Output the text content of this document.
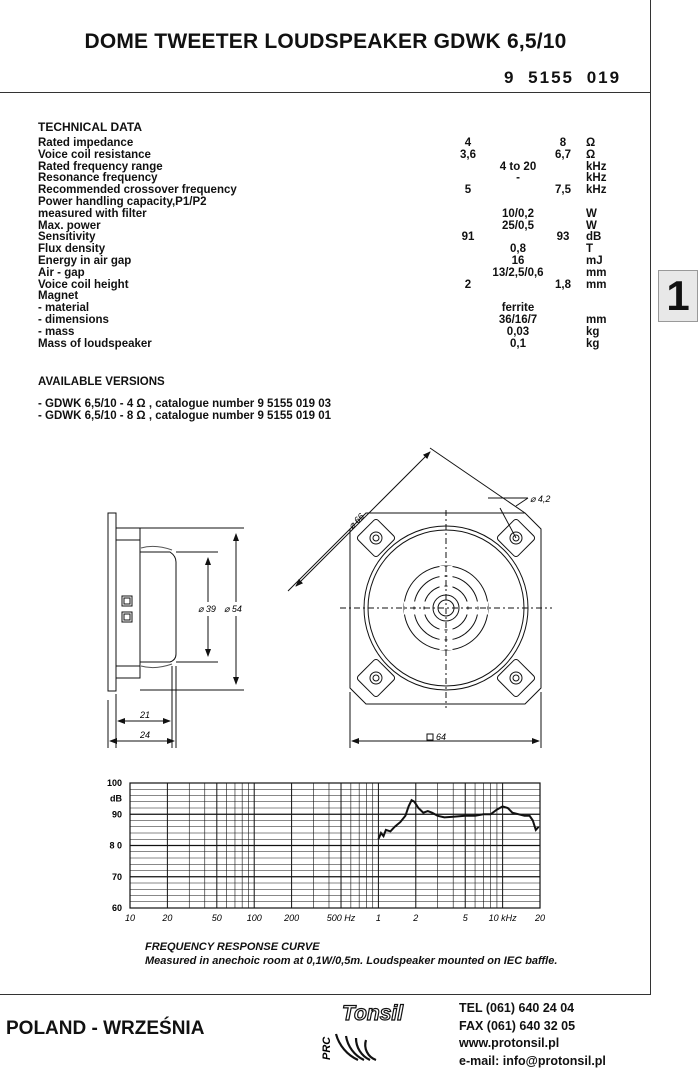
DOME TWEETER LOUDSPEAKER GDWK 6,5/10
9 5155 019
1
TECHNICAL DATA
Rated impedance	4	8	Ω
Voice coil resistance	3,6	6,7	Ω
Rated frequency range	4 to 20	kHz
Resonance frequency	-	kHz
Recommended crossover frequency	5	7,5	kHz
Power handling capacity,P1/P2
measured with filter	10/0,2	W
Max. power	25/0,5	W
Sensitivity	91	93	dB
Flux density	0,8	T
Energy in air gap	16	mJ
Air - gap	13/2,5/0,6	mm
Voice coil height	2	1,8	mm
Magnet
- material	ferrite
- dimensions	36/16/7	mm
- mass	0,03	kg
Mass of loudspeaker	0,1	kg
AVAILABLE VERSIONS
- GDWK 6,5/10 - 4 Ω , catalogue number 9 5155 019 03
- GDWK 6,5/10 - 8 Ω , catalogue number 9 5155 019 01
21
24
⌀ 39 ⌀ 54
⌀ 66
⌀ 4,2
64
100
90
8 0
70
60
dB
10	20	50	100 200	500 Hz 1	2	5 10 kHz 20
FREQUENCY RESPONSE CURVE
Measured in anechoic room at 0,1W/0,5m. Loudspeaker mounted on IEC baffle.
POLAND - WRZEŚNIA
PRC
Tonsil	TEL (061) 640 24 04
FAX (061) 640 32 05
www.protonsil.pl
e-mail: info@protonsil.pl
